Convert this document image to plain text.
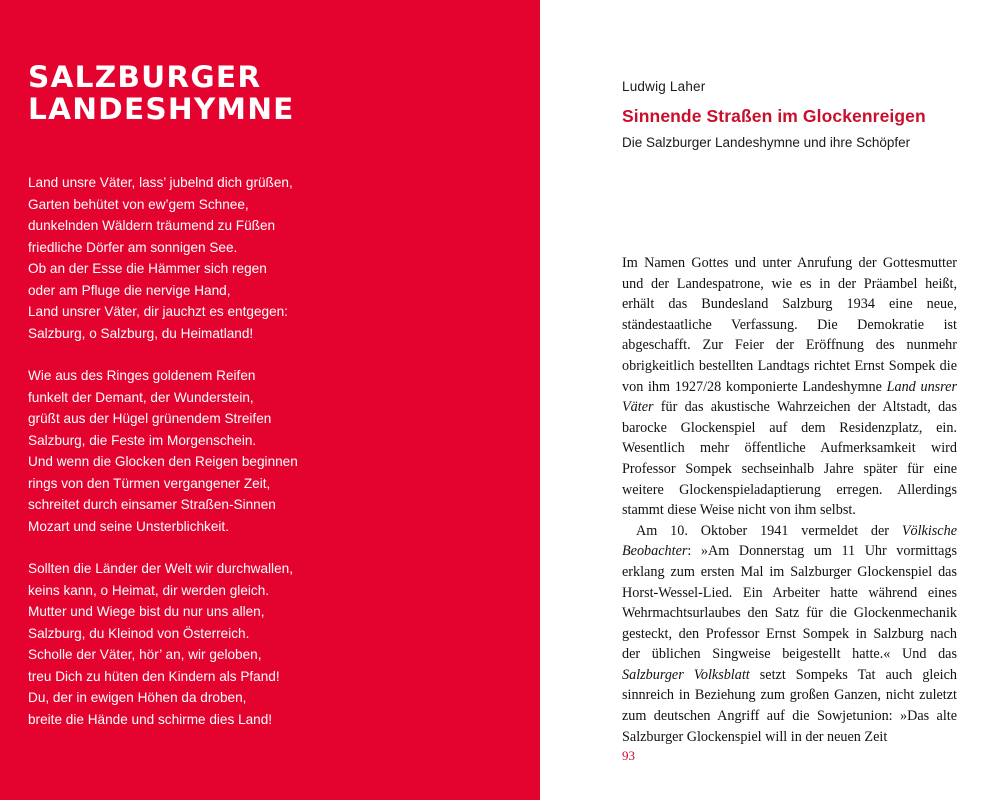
SALZBURGER LANDESHYMNE
Land unsre Väter, lass’ jubelnd dich grüßen,
Garten behütet von ew’gem Schnee,
dunkelnden Wäldern träumend zu Füßen
friedliche Dörfer am sonnigen See.
Ob an der Esse die Hämmer sich regen
oder am Pfluge die nervige Hand,
Land unsrer Väter, dir jauchzt es entgegen:
Salzburg, o Salzburg, du Heimatland!
Wie aus des Ringes goldenem Reifen
funkelt der Demant, der Wunderstein,
grüßt aus der Hügel grünendem Streifen
Salzburg, die Feste im Morgenschein.
Und wenn die Glocken den Reigen beginnen
rings von den Türmen vergangener Zeit,
schreitet durch einsamer Straßen-Sinnen
Mozart und seine Unsterblichkeit.
Sollten die Länder der Welt wir durchwallen,
keins kann, o Heimat, dir werden gleich.
Mutter und Wiege bist du nur uns allen,
Salzburg, du Kleinod von Österreich.
Scholle der Väter, hör’ an, wir geloben,
treu Dich zu hüten den Kindern als Pfand!
Du, der in ewigen Höhen da droben,
breite die Hände und schirme dies Land!
Ludwig Laher
Sinnende Straßen im Glockenreigen
Die Salzburger Landeshymne und ihre Schöpfer

Im Namen Gottes und unter Anrufung der Gottesmutter und der Landespatrone, wie es in der Präambel heißt, erhält das Bundesland Salzburg 1934 eine neue, ständestaatliche Verfassung. Die Demokratie ist abgeschafft. Zur Feier der Eröffnung des nunmehr obrigkeitlich bestellten Landtags richtet Ernst Sompek die von ihm 1927/28 komponierte Landeshymne Land unsrer Väter für das akustische Wahrzeichen der Altstadt, das barocke Glockenspiel auf dem Residenzplatz, ein. Wesentlich mehr öffentliche Aufmerksamkeit wird Professor Sompek sechseinhalb Jahre später für eine weitere Glockenspieladaptierung erregen. Allerdings stammt diese Weise nicht von ihm selbst.

Am 10. Oktober 1941 vermeldet der Völkische Beobachter: »Am Donnerstag um 11 Uhr vormittags erklang zum ersten Mal im Salzburger Glockenspiel das Horst-Wessel-Lied. Ein Arbeiter hatte während eines Wehrmachtsurlaubes den Satz für die Glockenmechanik gesteckt, den Professor Ernst Sompek in Salzburg nach der üblichen Singweise beigestellt hatte.« Und das Salzburger Volksblatt setzt Sompeks Tat auch gleich sinnreich in Beziehung zum großen Ganzen, nicht zuletzt zum deutschen Angriff auf die Sowjetunion: »Das alte Salzburger Glockenspiel will in der neuen Zeit

93
